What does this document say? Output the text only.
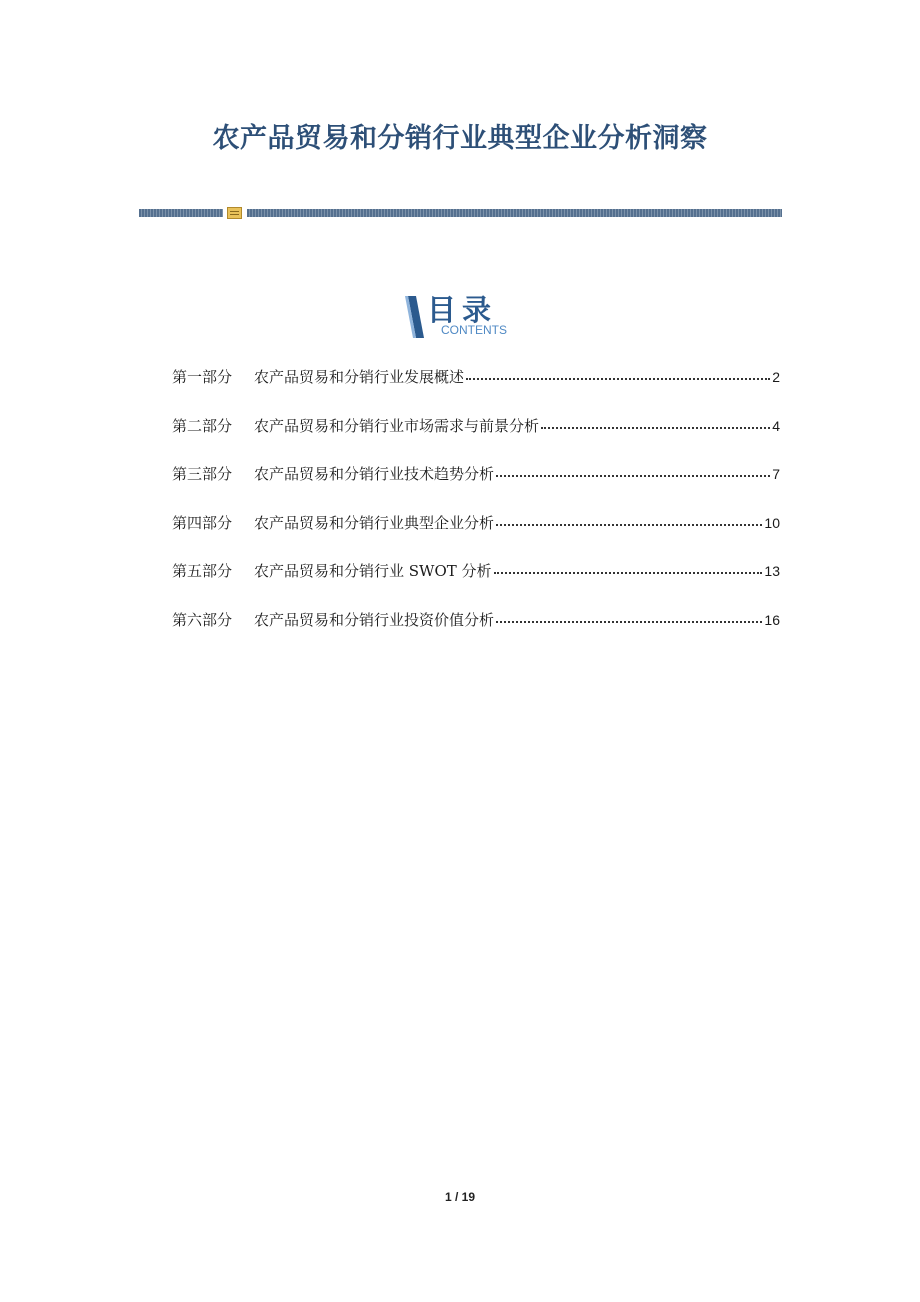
农产品贸易和分销行业典型企业分析洞察
目录
CONTENTS
第一部分	农产品贸易和分销行业发展概述	2
第二部分	农产品贸易和分销行业市场需求与前景分析	4
第三部分	农产品贸易和分销行业技术趋势分析	7
第四部分	农产品贸易和分销行业典型企业分析	10
第五部分	农产品贸易和分销行业 SWOT 分析	13
第六部分	农产品贸易和分销行业投资价值分析	16
1 / 19
